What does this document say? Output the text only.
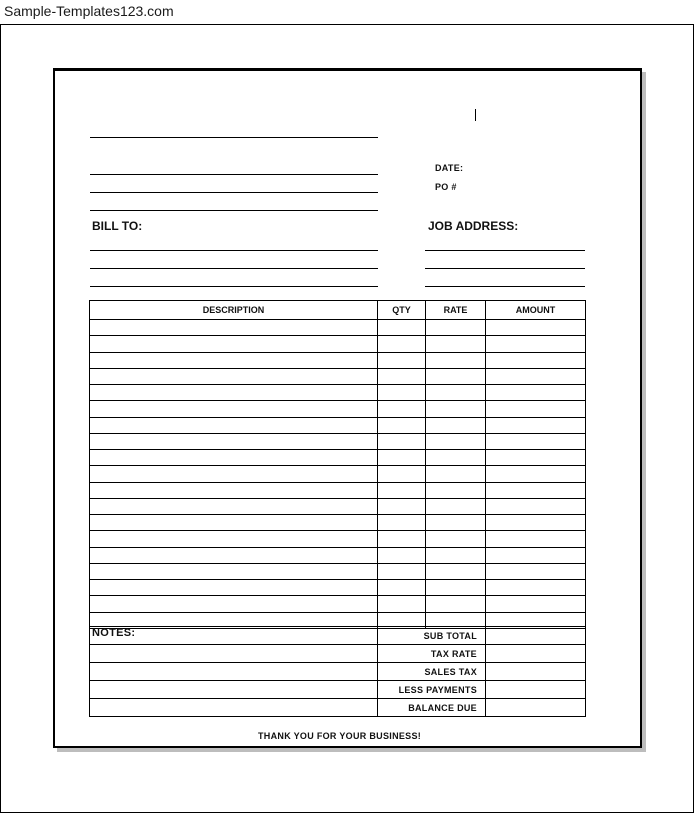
Sample-Templates123.com
DATE:
PO #
BILL TO:	JOB ADDRESS:
DESCRIPTION	QTY	RATE	AMOUNT

NOTES:	SUB TOTAL	
	TAX RATE	
	SALES TAX	
	LESS PAYMENTS	
	BALANCE DUE	
THANK YOU FOR YOUR BUSINESS!
